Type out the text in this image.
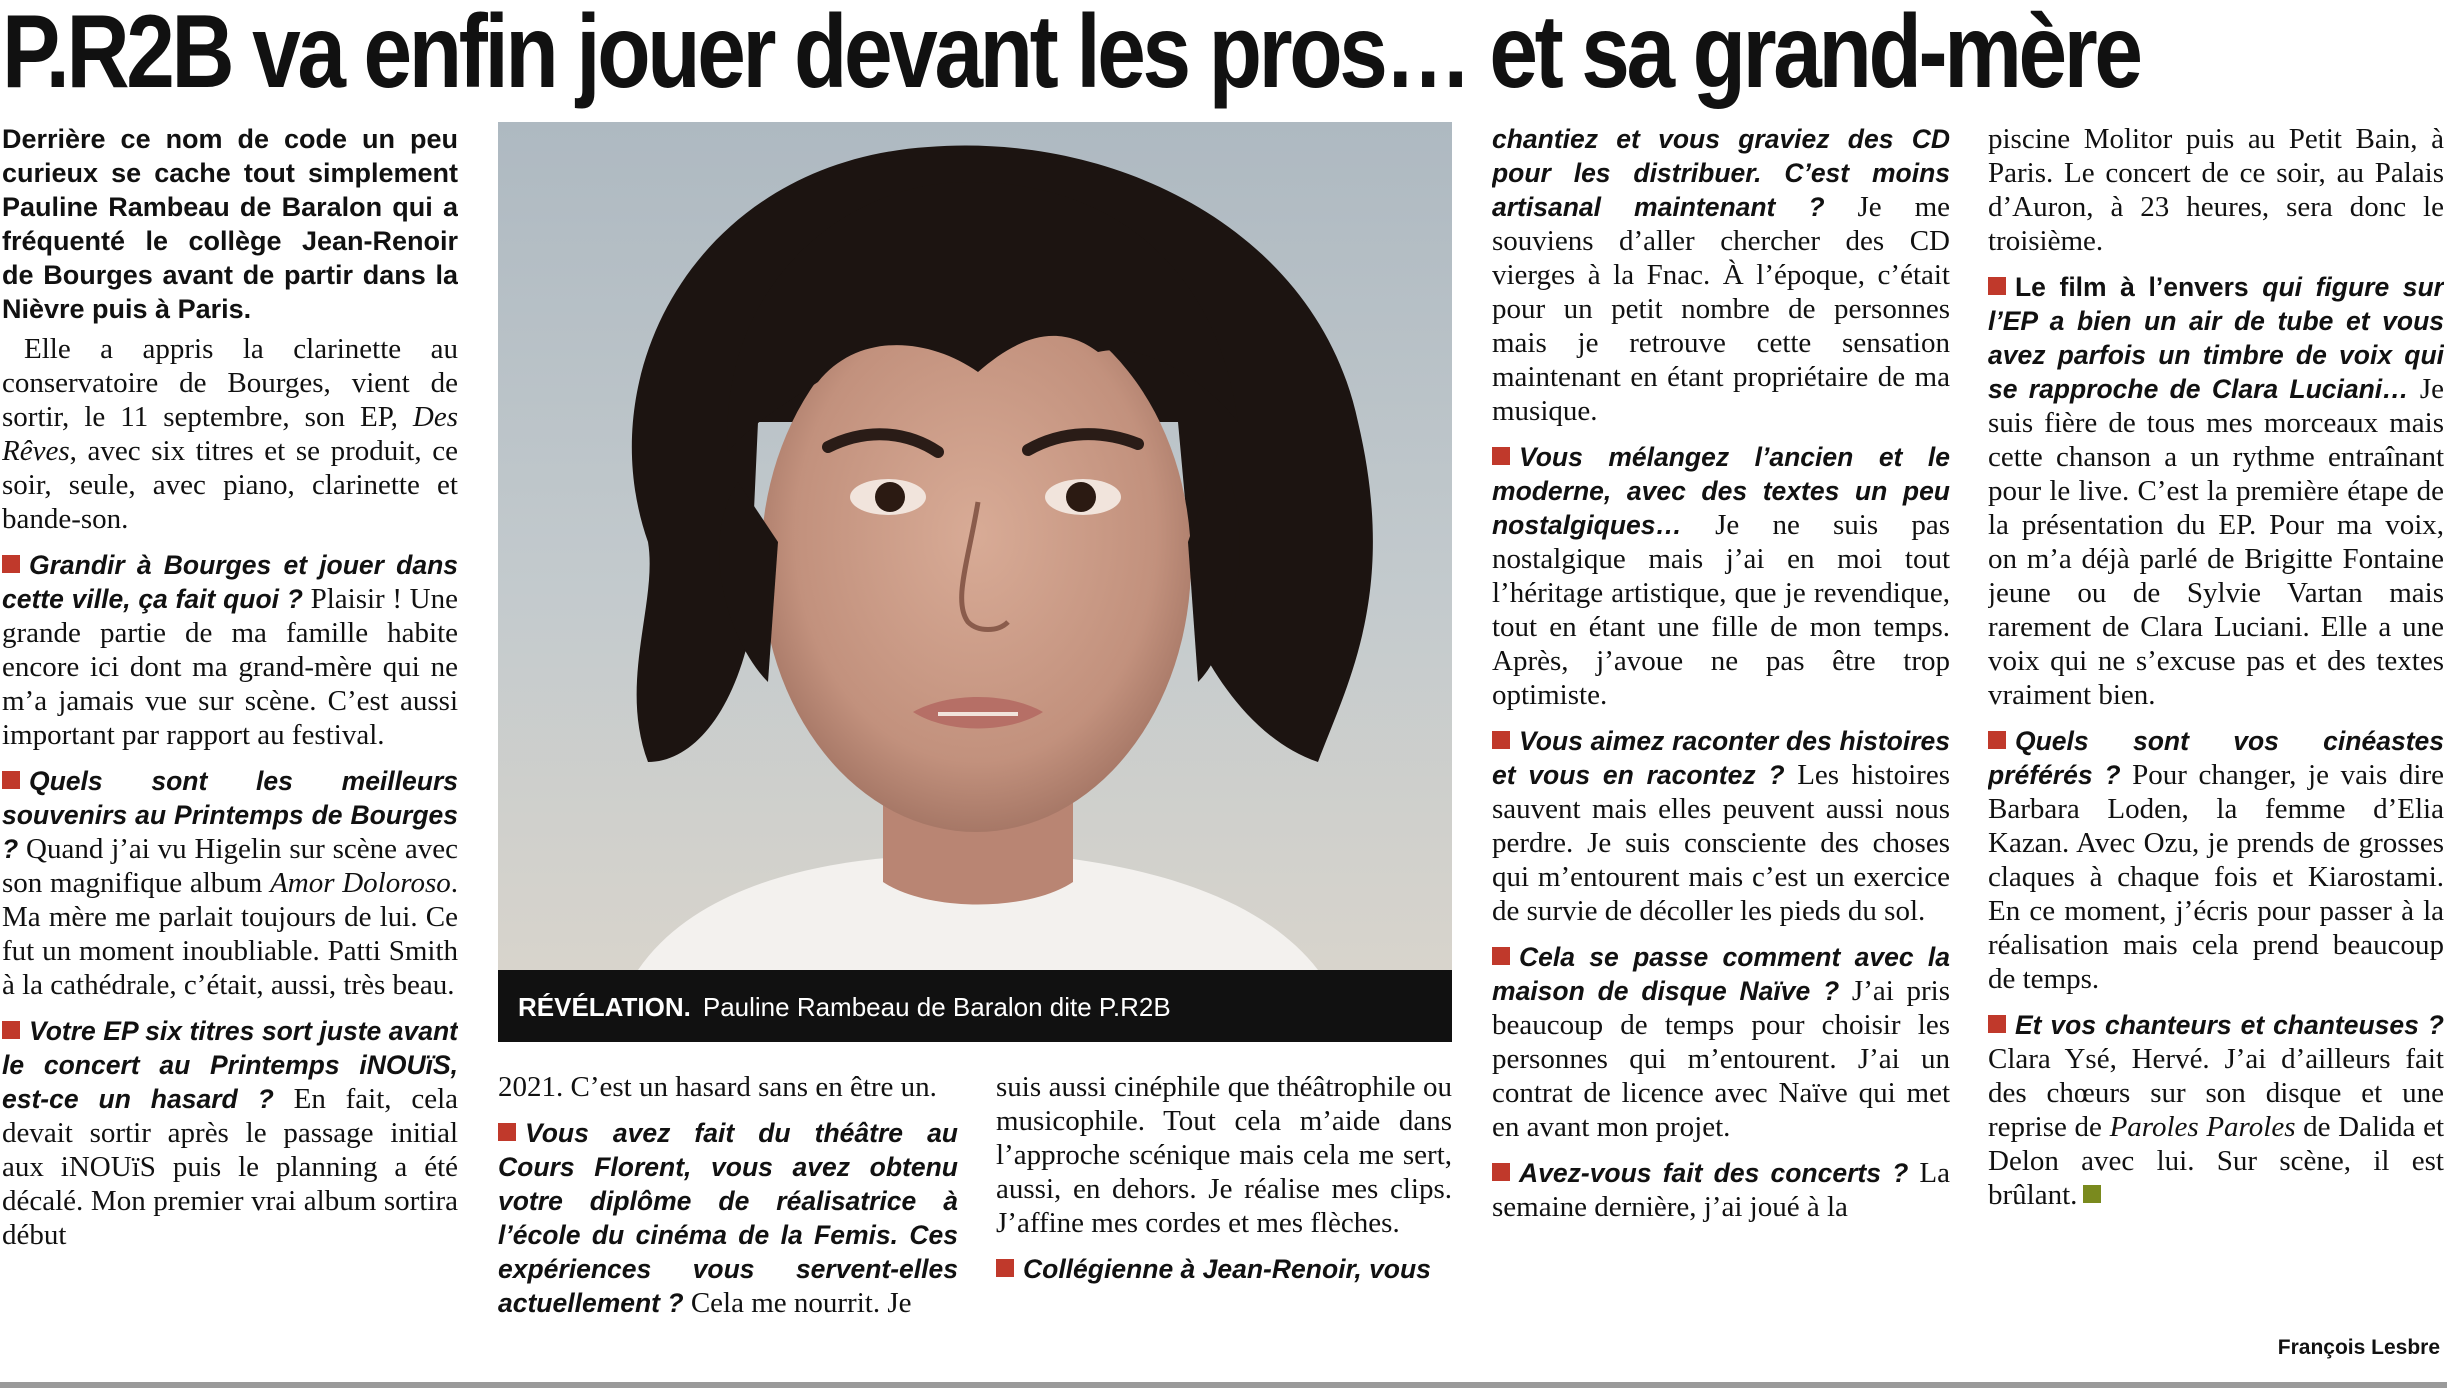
P.R2B va enfin jouer devant les pros… et sa grand-mère

Derrière ce nom de code un peu curieux se cache tout simplement Pauline Rambeau de Baralon qui a fréquenté le collège Jean-Renoir de Bourges avant de partir dans la Nièvre puis à Paris.

Elle a appris la clarinette au conservatoire de Bourges, vient de sortir, le 11 septembre, son EP, Des Rêves, avec six titres et se produit, ce soir, seule, avec piano, clarinette et bande-son.

Grandir à Bourges et jouer dans cette ville, ça fait quoi ? Plaisir ! Une grande partie de ma famille habite encore ici dont ma grand-mère qui ne m’a jamais vue sur scène. C’est aussi important par rapport au festival.

Quels sont les meilleurs souvenirs au Printemps de Bourges ? Quand j’ai vu Higelin sur scène avec son magnifique album Amor Doloroso. Ma mère me parlait toujours de lui. Ce fut un moment inoubliable. Patti Smith à la cathédrale, c’était, aussi, très beau.

Votre EP six titres sort juste avant le concert au Printemps iNOUïS, est-ce un hasard ? En fait, cela devait sortir après le passage initial aux iNOUïS puis le planning a été décalé. Mon premier vrai album sortira début

RÉVÉLATION. Pauline Rambeau de Baralon dite P.R2B

2021. C’est un hasard sans en être un.

Vous avez fait du théâtre au Cours Florent, vous avez obtenu votre diplôme de réalisatrice à l’école du cinéma de la Femis. Ces expériences vous servent-elles actuellement ? Cela me nourrit. Je

suis aussi cinéphile que théâtrophile ou musicophile. Tout cela m’aide dans l’approche scénique mais cela me sert, aussi, en dehors. Je réalise mes clips. J’affine mes cordes et mes flèches.

Collégienne à Jean-Renoir, vous

chantiez et vous graviez des CD pour les distribuer. C’est moins artisanal maintenant ? Je me souviens d’aller chercher des CD vierges à la Fnac. À l’époque, c’était pour un petit nombre de personnes mais je retrouve cette sensation maintenant en étant propriétaire de ma musique.

Vous mélangez l’ancien et le moderne, avec des textes un peu nostalgiques… Je ne suis pas nostalgique mais j’ai en moi tout l’héritage artistique, que je revendique, tout en étant une fille de mon temps. Après, j’avoue ne pas être trop optimiste.

Vous aimez raconter des histoires et vous en racontez ? Les histoires sauvent mais elles peuvent aussi nous perdre. Je suis consciente des choses qui m’entourent mais c’est un exercice de survie de décoller les pieds du sol.

Cela se passe comment avec la maison de disque Naïve ? J’ai pris beaucoup de temps pour choisir les personnes qui m’entourent. J’ai un contrat de licence avec Naïve qui met en avant mon projet.

Avez-vous fait des concerts ? La semaine dernière, j’ai joué à la

piscine Molitor puis au Petit Bain, à Paris. Le concert de ce soir, au Palais d’Auron, à 23 heures, sera donc le troisième.

Le film à l’envers qui figure sur l’EP a bien un air de tube et vous avez parfois un timbre de voix qui se rapproche de Clara Luciani… Je suis fière de tous mes morceaux mais cette chanson a un rythme entraînant pour le live. C’est la première étape de la présentation du EP. Pour ma voix, on m’a déjà parlé de Brigitte Fontaine jeune ou de Sylvie Vartan mais rarement de Clara Luciani. Elle a une voix qui ne s’excuse pas et des textes vraiment bien.

Quels sont vos cinéastes préférés ? Pour changer, je vais dire Barbara Loden, la femme d’Elia Kazan. Avec Ozu, je prends de grosses claques à chaque fois et Kiarostami. En ce moment, j’écris pour passer à la réalisation mais cela prend beaucoup de temps.

Et vos chanteurs et chanteuses ? Clara Ysé, Hervé. J’ai d’ailleurs fait des chœurs sur son disque et une reprise de Paroles Paroles de Dalida et Delon avec lui. Sur scène, il est brûlant.

François Lesbre
